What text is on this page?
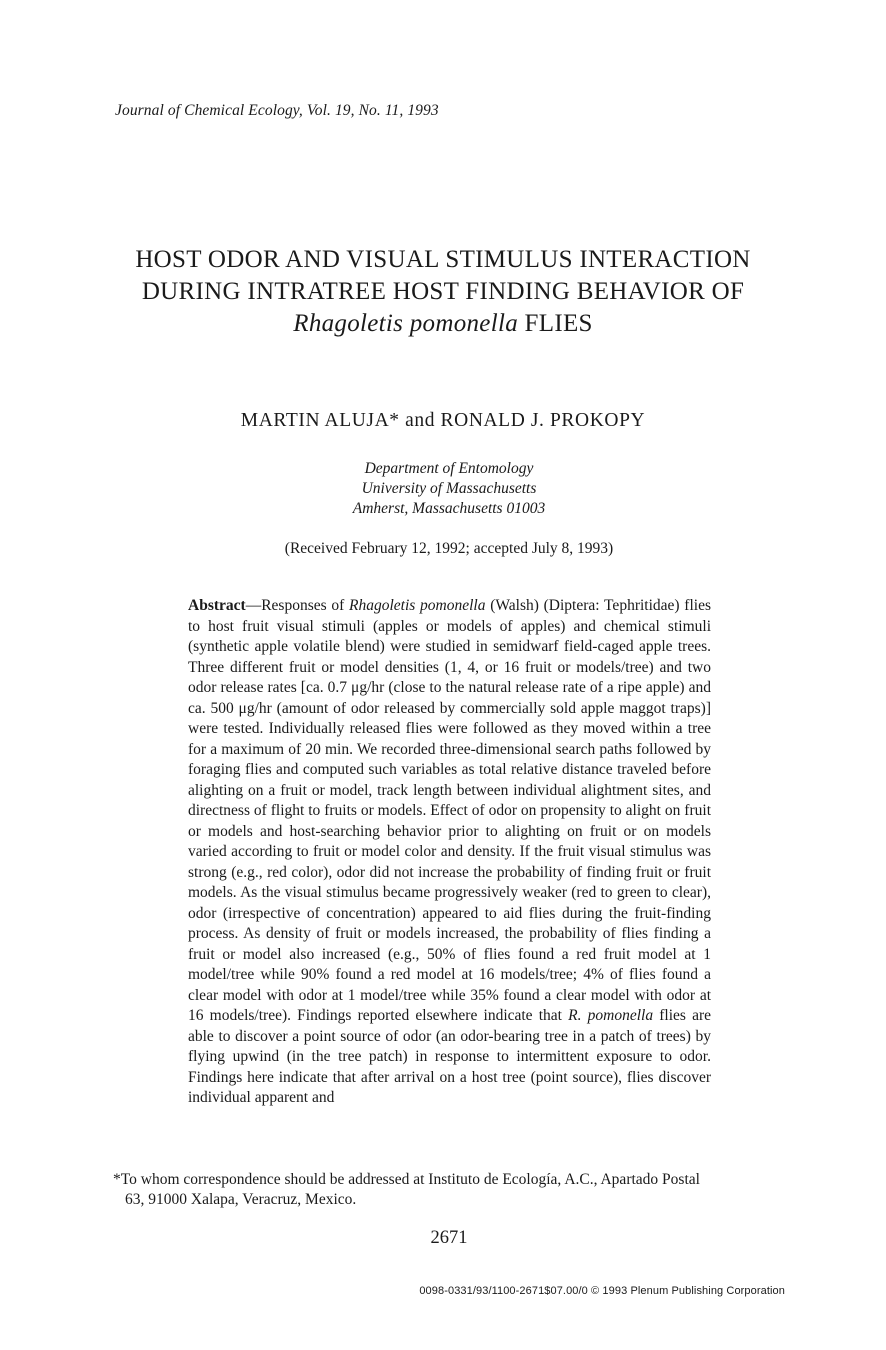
Journal of Chemical Ecology, Vol. 19, No. 11, 1993
HOST ODOR AND VISUAL STIMULUS INTERACTION
DURING INTRATREE HOST FINDING BEHAVIOR OF
Rhagoletis pomonella FLIES
MARTIN ALUJA* and RONALD J. PROKOPY
Department of Entomology
University of Massachusetts
Amherst, Massachusetts 01003
(Received February 12, 1992; accepted July 8, 1993)
Abstract—Responses of Rhagoletis pomonella (Walsh) (Diptera: Tephritidae) flies to host fruit visual stimuli (apples or models of apples) and chemical stimuli (synthetic apple volatile blend) were studied in semidwarf field-caged apple trees. Three different fruit or model densities (1, 4, or 16 fruit or models/tree) and two odor release rates [ca. 0.7 μg/hr (close to the natural release rate of a ripe apple) and ca. 500 μg/hr (amount of odor released by commercially sold apple maggot traps)] were tested. Individually released flies were followed as they moved within a tree for a maximum of 20 min. We recorded three-dimensional search paths followed by foraging flies and computed such variables as total relative distance traveled before alighting on a fruit or model, track length between individual alightment sites, and directness of flight to fruits or models. Effect of odor on propensity to alight on fruit or models and host-searching behavior prior to alighting on fruit or on models varied according to fruit or model color and density. If the fruit visual stimulus was strong (e.g., red color), odor did not increase the probability of finding fruit or fruit models. As the visual stimulus became progressively weaker (red to green to clear), odor (irrespective of concentration) appeared to aid flies during the fruit-finding process. As density of fruit or models increased, the probability of flies finding a fruit or model also increased (e.g., 50% of flies found a red fruit model at 1 model/tree while 90% found a red model at 16 models/tree; 4% of flies found a clear model with odor at 1 model/tree while 35% found a clear model with odor at 16 models/tree). Findings reported elsewhere indicate that R. pomonella flies are able to discover a point source of odor (an odor-bearing tree in a patch of trees) by flying upwind (in the tree patch) in response to intermittent exposure to odor. Findings here indicate that after arrival on a host tree (point source), flies discover individual apparent and
*To whom correspondence should be addressed at Instituto de Ecología, A.C., Apartado Postal
63, 91000 Xalapa, Veracruz, Mexico.
2671
0098-0331/93/1100-2671$07.00/0 © 1993 Plenum Publishing Corporation
